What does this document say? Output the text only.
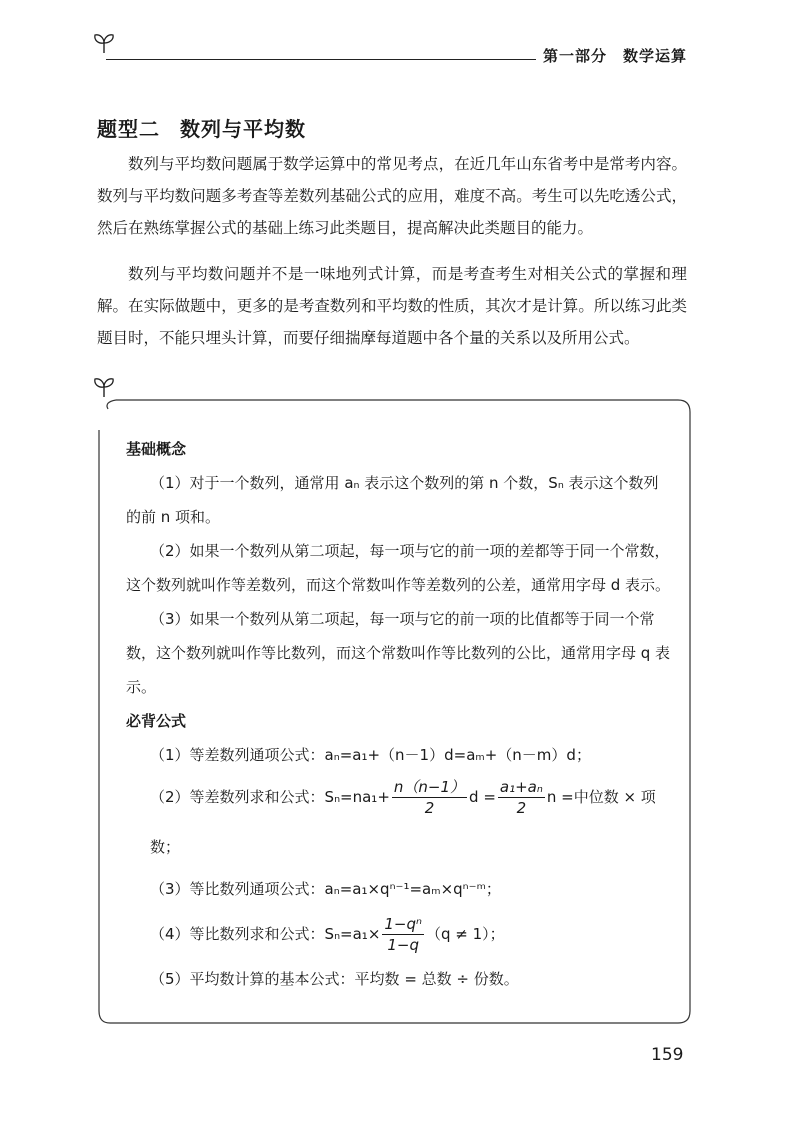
第一部分　数学运算
题型二 数列与平均数
数列与平均数问题属于数学运算中的常见考点，在近几年山东省考中是常考内容。数列与平均数问题多考查等差数列基础公式的应用，难度不高。考生可以先吃透公式，然后在熟练掌握公式的基础上练习此类题目，提高解决此类题目的能力。
数列与平均数问题并不是一味地列式计算，而是考查考生对相关公式的掌握和理解。在实际做题中，更多的是考查数列和平均数的性质，其次才是计算。所以练习此类题目时，不能只埋头计算，而要仔细揣摩每道题中各个量的关系以及所用公式。
基础概念
（1）对于一个数列，通常用 aₙ 表示这个数列的第 n 个数，Sₙ 表示这个数列的前 n 项和。
（2）如果一个数列从第二项起，每一项与它的前一项的差都等于同一个常数，这个数列就叫作等差数列，而这个常数叫作等差数列的公差，通常用字母 d 表示。
（3）如果一个数列从第二项起，每一项与它的前一项的比值都等于同一个常数，这个数列就叫作等比数列，而这个常数叫作等比数列的公比，通常用字母 q 表示。
必背公式
（1）等差数列通项公式：aₙ=a₁+（n－1）d=aₘ+（n－m）d；
（2）等差数列求和公式：$S_n=na_1+ \frac{n(n-1)}{2}$ $d = \frac{\text{a₁+aₙ}}{2}$ n =中位数 × 项数；
（3）等比数列通项公式：aₙ=a₁×qⁿ⁻¹=aₘ×qⁿ⁻ᵐ；
（4）等比数列求和公式：$S_n=a_1\times \frac{\text{1−qⁿ}}{1-q} (q \ne 1)$；
（5）平均数计算的基本公式：平均数 = 总数 ÷ 份数。
159
